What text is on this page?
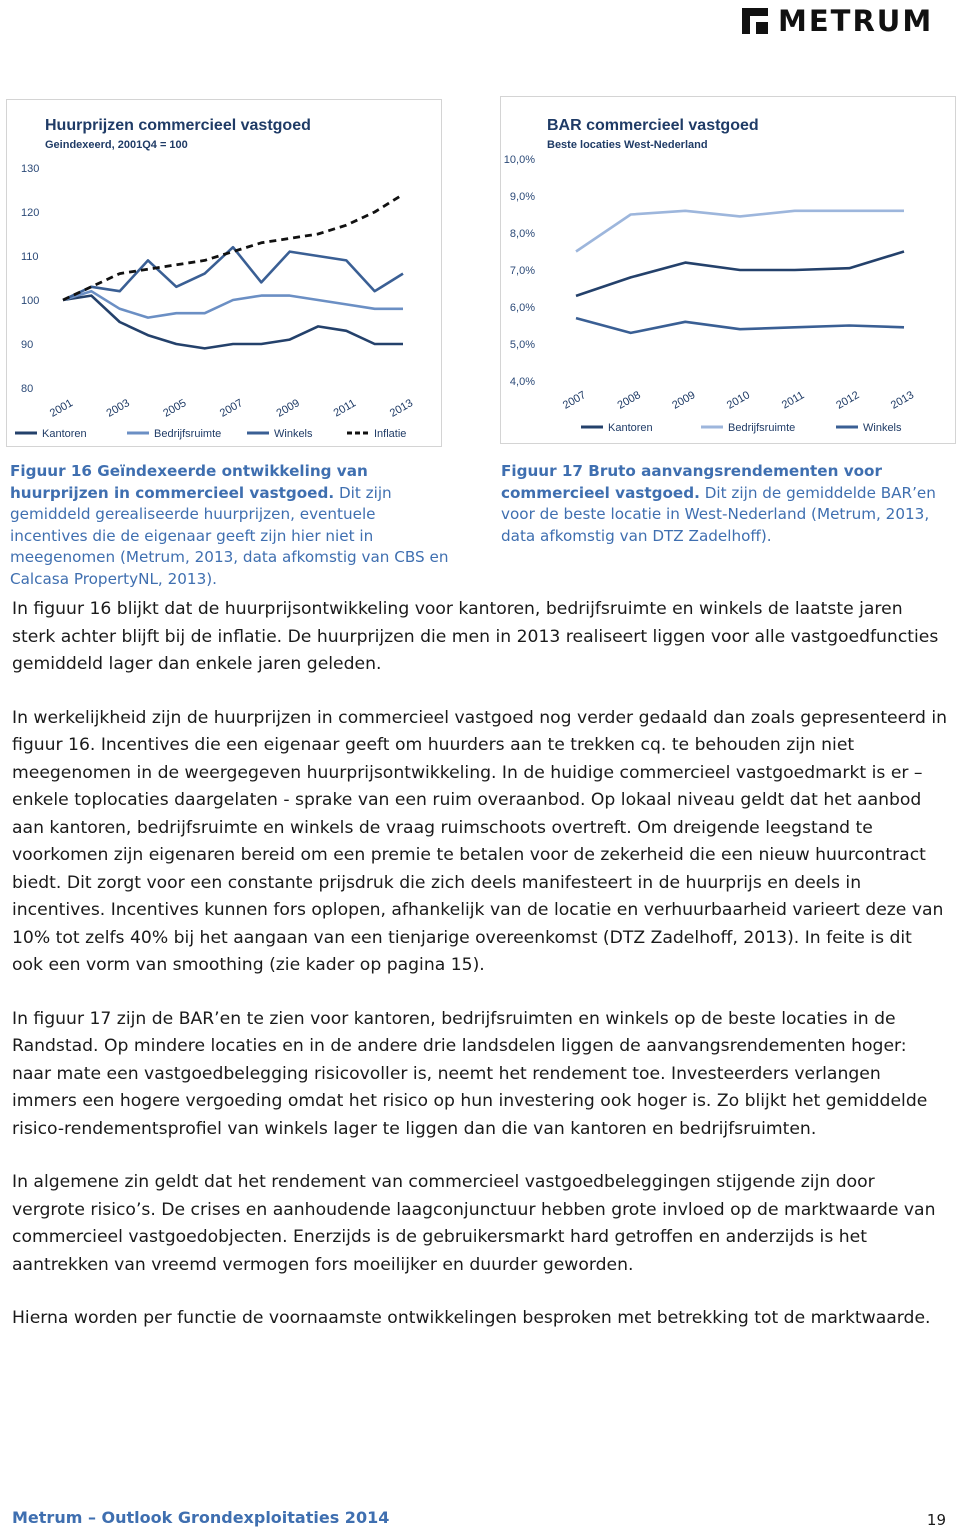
METRUM
Huurprijzen commercieel vastgoed
Geindexeerd, 2001Q4 = 100
130
120
110
100
90
80
2001	2003	2005	2007	2009	2011	2013
Kantoren	Bedrijfsruimte	Winkels	Inflatie
BAR commercieel vastgoed
Beste locaties West-Nederland
10,0%
9,0%
8,0%
7,0%
6,0%
5,0%
4,0%
2007 2008 2009 2010	2011	2012 2013
Kantoren	Bedrijfsruimte	Winkels
Figuur 16 Geïndexeerde ontwikkeling van huurprijzen in commercieel vastgoed. Dit zijn gemiddeld gerealiseerde huurprijzen, eventuele incentives die de eigenaar geeft zijn hier niet in meegenomen (Metrum, 2013, data afkomstig van CBS en Calcasa PropertyNL, 2013).
Figuur 17 Bruto aanvangsrendementen voor commercieel vastgoed. Dit zijn de gemiddelde BAR’en voor de beste locatie in West-Nederland (Metrum, 2013, data afkomstig van DTZ Zadelhoff).

In figuur 16 blijkt dat de huurprijsontwikkeling voor kantoren, bedrijfsruimte en winkels de laatste jaren sterk achter blijft bij de inflatie. De huurprijzen die men in 2013 realiseert liggen voor alle vastgoedfuncties gemiddeld lager dan enkele jaren geleden.

In werkelijkheid zijn de huurprijzen in commercieel vastgoed nog verder gedaald dan zoals gepresenteerd in figuur 16. Incentives die een eigenaar geeft om huurders aan te trekken cq. te behouden zijn niet meegenomen in de weergegeven huurprijsontwikkeling. In de huidige commercieel vastgoedmarkt is er – enkele toplocaties daargelaten - sprake van een ruim overaanbod. Op lokaal niveau geldt dat het aanbod aan kantoren, bedrijfsruimte en winkels de vraag ruimschoots overtreft. Om dreigende leegstand te voorkomen zijn eigenaren bereid om een premie te betalen voor de zekerheid die een nieuw huurcontract biedt. Dit zorgt voor een constante prijsdruk die zich deels manifesteert in de huurprijs en deels in incentives. Incentives kunnen fors oplopen, afhankelijk van de locatie en verhuurbaarheid varieert deze van 10% tot zelfs 40% bij het aangaan van een tienjarige overeenkomst (DTZ Zadelhoff, 2013). In feite is dit ook een vorm van smoothing (zie kader op pagina 15).

In figuur 17 zijn de BAR’en te zien voor kantoren, bedrijfsruimten en winkels op de beste locaties in de Randstad. Op mindere locaties en in de andere drie landsdelen liggen de aanvangsrendementen hoger: naar mate een vastgoedbelegging risicovoller is, neemt het rendement toe. Investeerders verlangen immers een hogere vergoeding omdat het risico op hun investering ook hoger is. Zo blijkt het gemiddelde risico-rendementsprofiel van winkels lager te liggen dan die van kantoren en bedrijfsruimten.

In algemene zin geldt dat het rendement van commercieel vastgoedbeleggingen stijgende zijn door vergrote risico’s. De crises en aanhoudende laagconjunctuur hebben grote invloed op de marktwaarde van commercieel vastgoedobjecten. Enerzijds is de gebruikersmarkt hard getroffen en anderzijds is het aantrekken van vreemd vermogen fors moeilijker en duurder geworden.

Hierna worden per functie de voornaamste ontwikkelingen besproken met betrekking tot de marktwaarde.

Metrum – Outlook Grondexploitaties 2014	19
